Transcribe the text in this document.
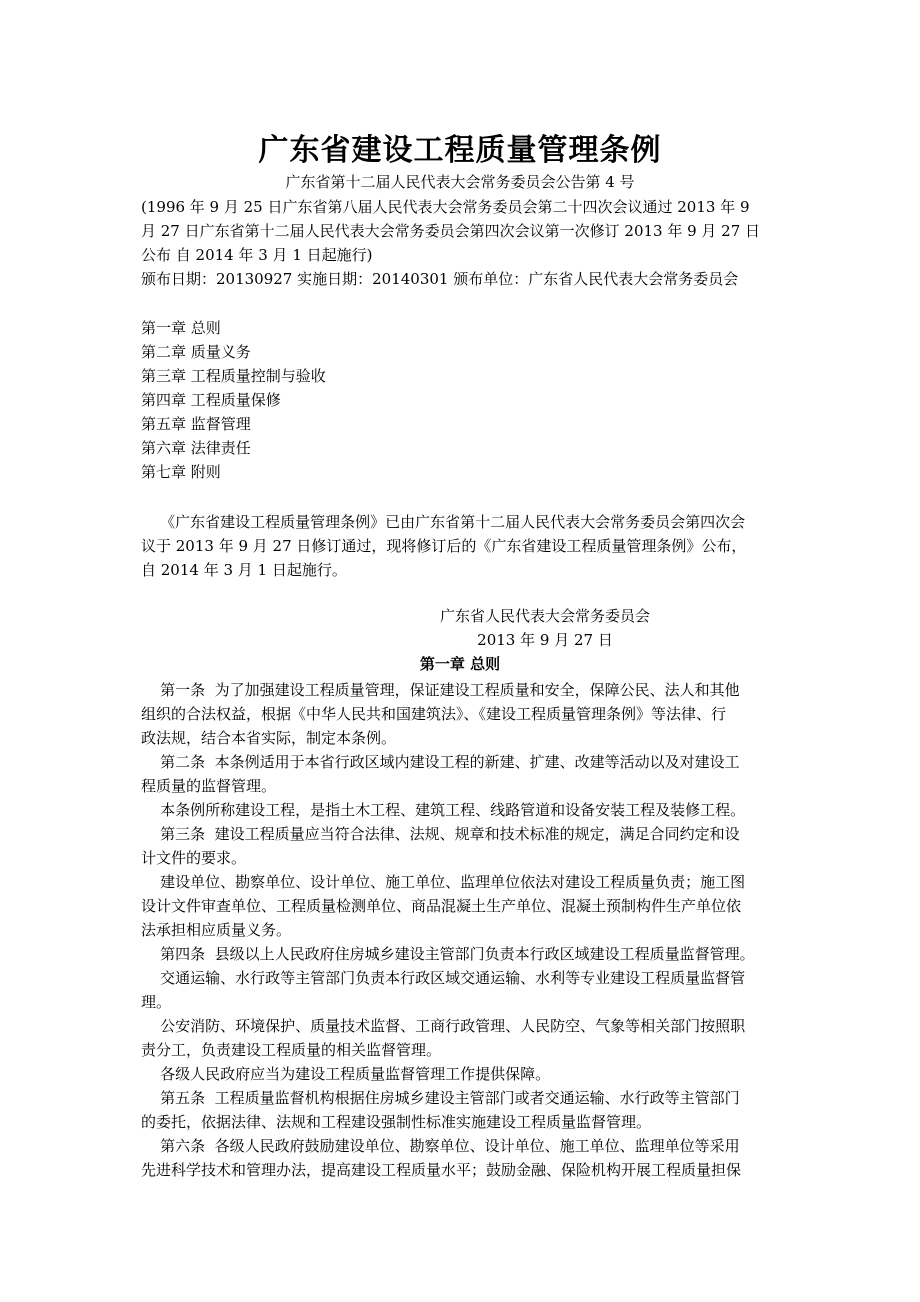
广东省建设工程质量管理条例
广东省第十二届人民代表大会常务委员会公告第 4 号
(1996 年 9 月 25 日广东省第八届人民代表大会常务委员会第二十四次会议通过 2013 年 9
月 27 日广东省第十二届人民代表大会常务委员会第四次会议第一次修订 2013 年 9 月 27 日
公布 自 2014 年 3 月 1 日起施行)
颁布日期：20130927 实施日期：20140301 颁布单位：广东省人民代表大会常务委员会
第一章 总则
第二章 质量义务
第三章 工程质量控制与验收
第四章 工程质量保修
第五章 监督管理
第六章 法律责任
第七章 附则
《广东省建设工程质量管理条例》已由广东省第十二届人民代表大会常务委员会第四次会
议于 2013 年 9 月 27 日修订通过，现将修订后的《广东省建设工程质量管理条例》公布，
自 2014 年 3 月 1 日起施行。
广东省人民代表大会常务委员会
2013 年 9 月 27 日
第一章 总则
第一条  为了加强建设工程质量管理，保证建设工程质量和安全，保障公民、法人和其他
组织的合法权益，根据《中华人民共和国建筑法》、《建设工程质量管理条例》等法律、行
政法规，结合本省实际，制定本条例。
第二条  本条例适用于本省行政区域内建设工程的新建、扩建、改建等活动以及对建设工
程质量的监督管理。
本条例所称建设工程，是指土木工程、建筑工程、线路管道和设备安装工程及装修工程。
第三条  建设工程质量应当符合法律、法规、规章和技术标准的规定，满足合同约定和设
计文件的要求。
建设单位、勘察单位、设计单位、施工单位、监理单位依法对建设工程质量负责；施工图
设计文件审查单位、工程质量检测单位、商品混凝土生产单位、混凝土预制构件生产单位依
法承担相应质量义务。
第四条  县级以上人民政府住房城乡建设主管部门负责本行政区域建设工程质量监督管理。
交通运输、水行政等主管部门负责本行政区域交通运输、水利等专业建设工程质量监督管
理。
公安消防、环境保护、质量技术监督、工商行政管理、人民防空、气象等相关部门按照职
责分工，负责建设工程质量的相关监督管理。
各级人民政府应当为建设工程质量监督管理工作提供保障。
第五条  工程质量监督机构根据住房城乡建设主管部门或者交通运输、水行政等主管部门
的委托，依据法律、法规和工程建设强制性标准实施建设工程质量监督管理。
第六条  各级人民政府鼓励建设单位、勘察单位、设计单位、施工单位、监理单位等采用
先进科学技术和管理办法，提高建设工程质量水平；鼓励金融、保险机构开展工程质量担保
